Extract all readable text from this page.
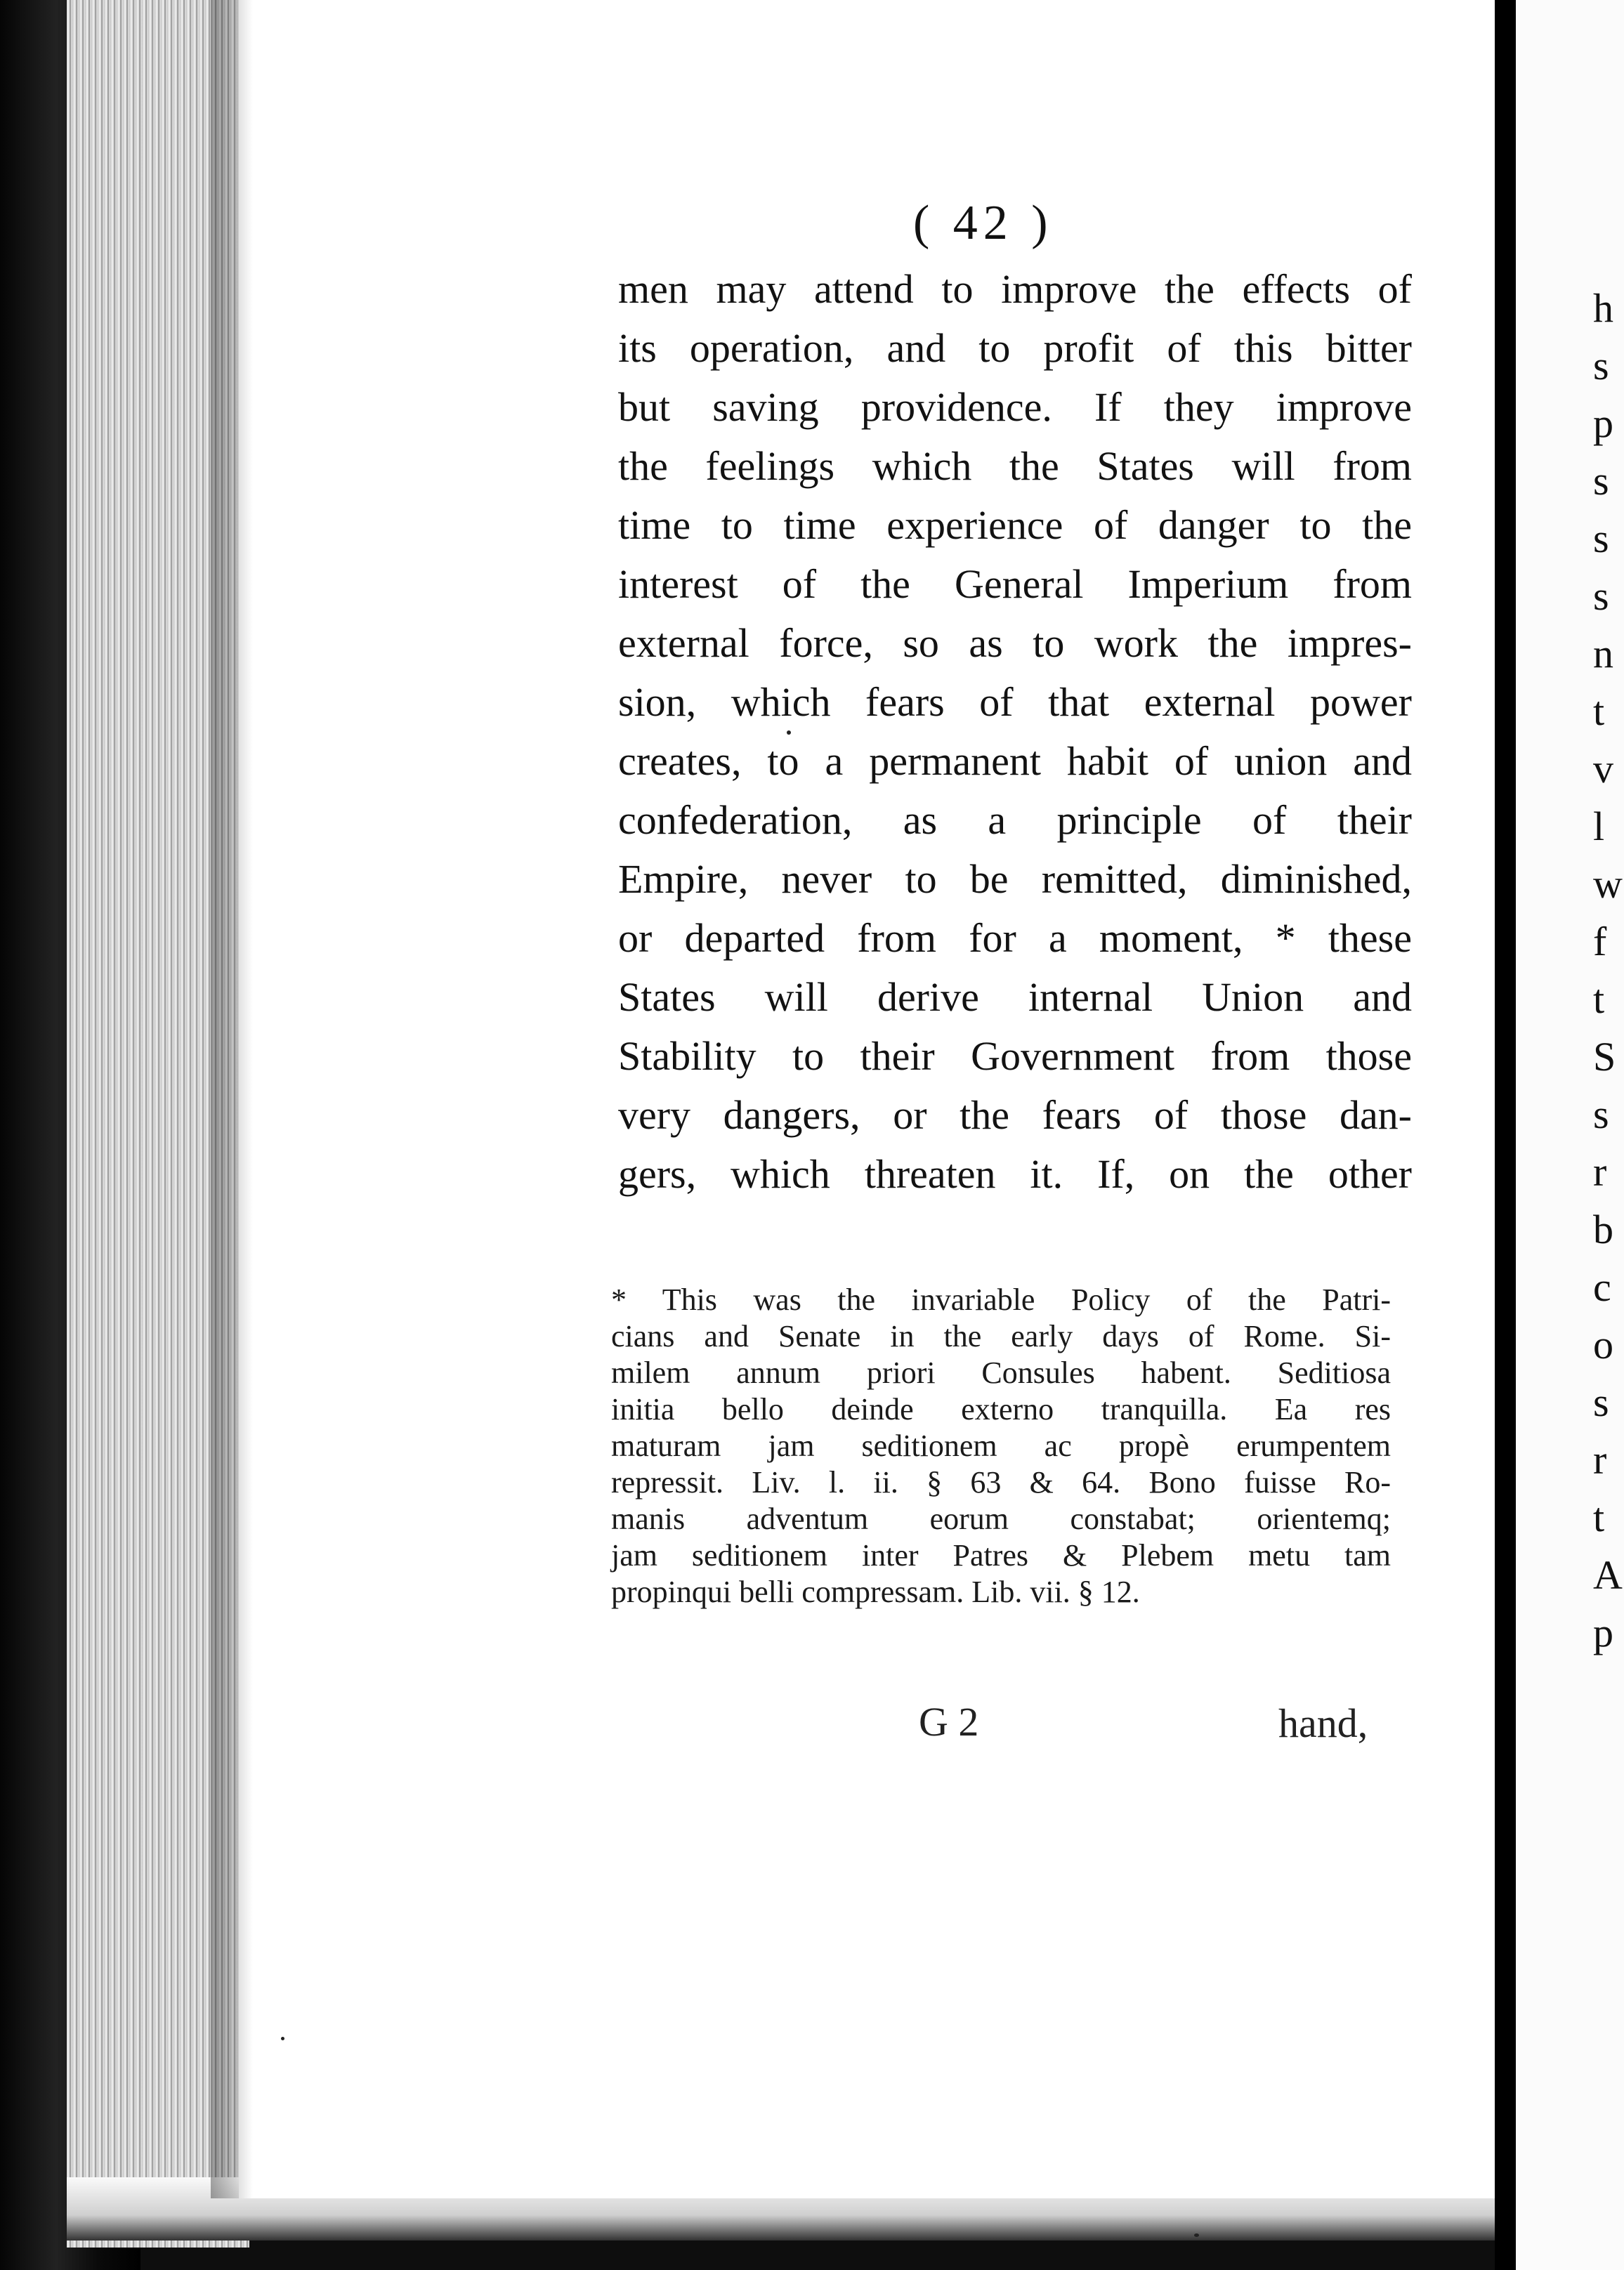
( 42 )
men may attend to improve the effects of
its operation, and to profit of this bitter
but saving providence. If they improve
the feelings which the States will from
time to time experience of danger to the
interest of the General Imperium from
external force, so as to work the impres-
sion, which fears of that external power
creates, to a permanent habit of union and
confederation, as a principle of their
Empire, never to be remitted, diminished,
or departed from for a moment, * these
States will derive internal Union and
Stability to their Government from those
very dangers, or the fears of those dan-
gers, which threaten it. If, on the other
* This was the invariable Policy of the Patri-
cians and Senate in the early days of Rome. Si-
milem annum priori Consules habent. Seditiosa
initia bello deinde externo tranquilla. Ea res
maturam jam seditionem ac propè erumpentem
repressit. Liv. l. ii. § 63 & 64. Bono fuisse Ro-
manis adventum eorum constabat; orientemq;
jam seditionem inter Patres & Plebem metu tam
propinqui belli compressam. Lib. vii. § 12.
G 2	hand,
h
s
p
s
s
s
n
t
v
l
w
f
t
S
s
r
b
c
o
s
r
t
A
p
